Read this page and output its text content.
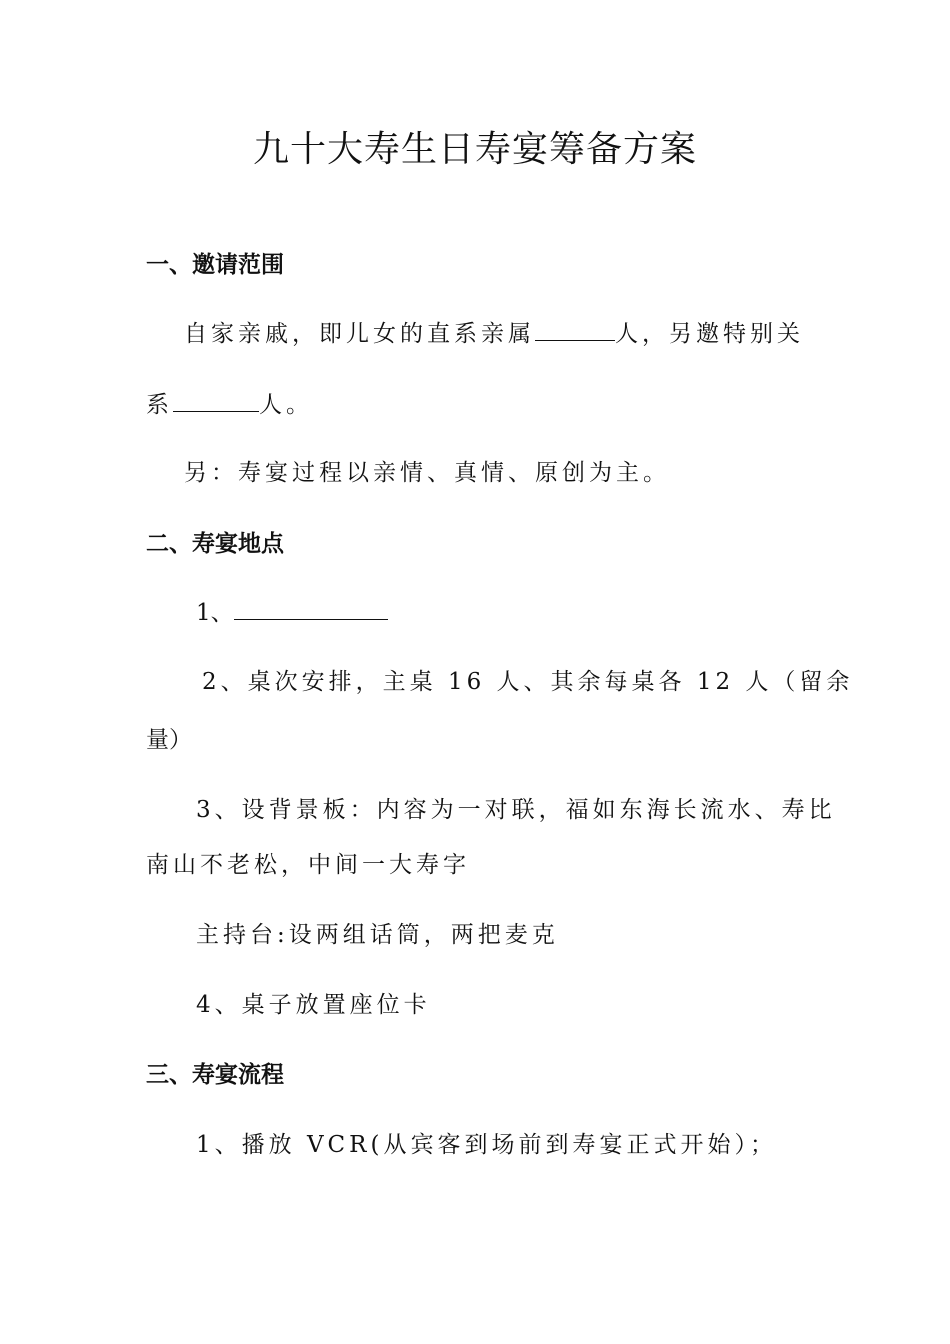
九十大寿生日寿宴筹备方案
一、邀请范围
自家亲戚，即儿女的直系亲属	人，另邀特别关
系	人。
另：寿宴过程以亲情、真情、原创为主。
二、寿宴地点
1、
2、桌次安排，主桌 16 人、其余每桌各 12 人（留余
量）
3、设背景板：内容为一对联，福如东海长流水、寿比
南山不老松，中间一大寿字
主持台:设两组话筒，两把麦克
4、桌子放置座位卡
三、寿宴流程
1、播放 VCR(从宾客到场前到寿宴正式开始）；
